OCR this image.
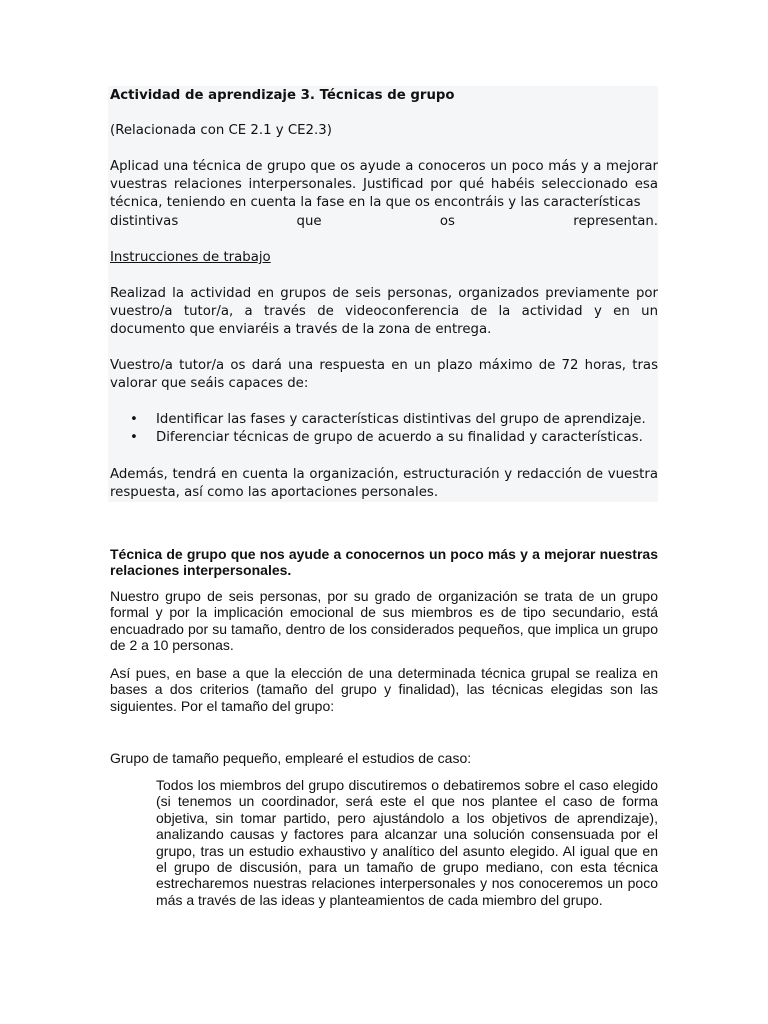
Actividad de aprendizaje 3. Técnicas de grupo
(Relacionada con CE 2.1 y CE2.3)
Aplicad una técnica de grupo que os ayude a conoceros un poco más y a mejorar vuestras relaciones interpersonales. Justificad por qué habéis seleccionado esa técnica, teniendo en cuenta la fase en la que os encontráis y las características
distintivas que os representan.
Instrucciones de trabajo
Realizad la actividad en grupos de seis personas, organizados previamente por vuestro/a tutor/a, a través de videoconferencia de la actividad y en un documento que enviaréis a través de la zona de entrega.
Vuestro/a tutor/a os dará una respuesta en un plazo máximo de 72 horas, tras valorar que seáis capaces de:
• Identificar las fases y características distintivas del grupo de aprendizaje.
• Diferenciar técnicas de grupo de acuerdo a su finalidad y características.
Además, tendrá en cuenta la organización, estructuración y redacción de vuestra respuesta, así como las aportaciones personales.
Técnica de grupo que nos ayude a conocernos un poco más y a mejorar nuestras relaciones interpersonales.
Nuestro grupo de seis personas, por su grado de organización se trata de un grupo formal y por la implicación emocional de sus miembros es de tipo secundario, está encuadrado por su tamaño, dentro de los considerados pequeños, que implica un grupo de 2 a 10 personas.
Así pues, en base a que la elección de una determinada técnica grupal se realiza en bases a dos criterios (tamaño del grupo y finalidad), las técnicas elegidas son las siguientes. Por el tamaño del grupo:
Grupo de tamaño pequeño, emplearé el estudios de caso:
Todos los miembros del grupo discutiremos o debatiremos sobre el caso elegido (si tenemos un coordinador, será este el que nos plantee el caso de forma objetiva, sin tomar partido, pero ajustándolo a los objetivos de aprendizaje), analizando causas y factores para alcanzar una solución consensuada por el grupo, tras un estudio exhaustivo y analítico del asunto elegido. Al igual que en el grupo de discusión, para un tamaño de grupo mediano, con esta técnica estrecharemos nuestras relaciones interpersonales y nos conoceremos un poco más a través de las ideas y planteamientos de cada miembro del grupo.
